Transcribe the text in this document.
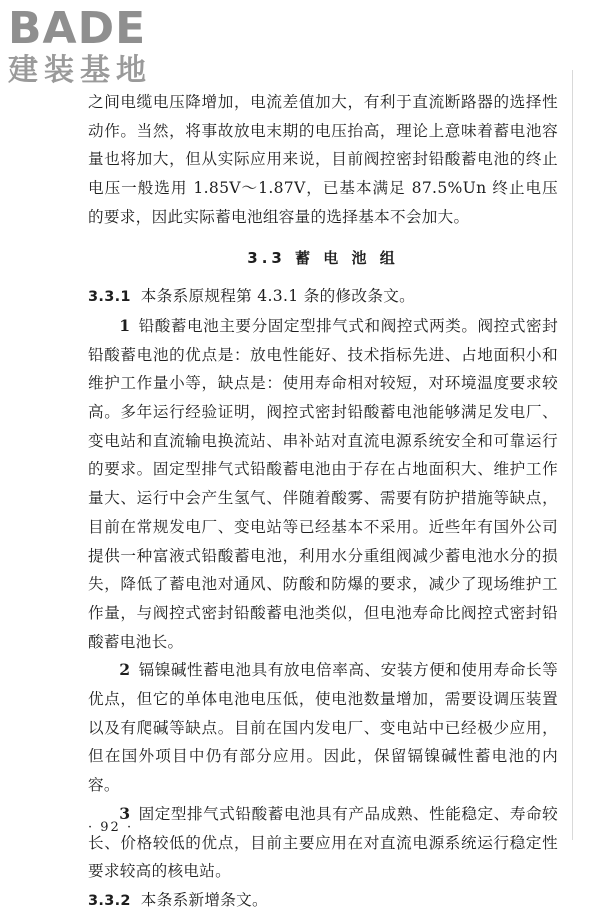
BADE
建装基地

之间电缆电压降增加，电流差值加大，有利于直流断路器的选择性动作。当然，将事故放电末期的电压抬高，理论上意味着蓄电池容量也将加大，但从实际应用来说，目前阀控密封铅酸蓄电池的终止电压一般选用 1.85V～1.87V，已基本满足 87.5%Un 终止电压的要求，因此实际蓄电池组容量的选择基本不会加大。

3.3 蓄 电 池 组

3.3.1 本条系原规程第 4.3.1 条的修改条文。

1 铅酸蓄电池主要分固定型排气式和阀控式两类。阀控式密封铅酸蓄电池的优点是：放电性能好、技术指标先进、占地面积小和维护工作量小等，缺点是：使用寿命相对较短，对环境温度要求较高。多年运行经验证明，阀控式密封铅酸蓄电池能够满足发电厂、变电站和直流输电换流站、串补站对直流电源系统安全和可靠运行的要求。固定型排气式铅酸蓄电池由于存在占地面积大、维护工作量大、运行中会产生氢气、伴随着酸雾、需要有防护措施等缺点，目前在常规发电厂、变电站等已经基本不采用。近些年有国外公司提供一种富液式铅酸蓄电池，利用水分重组阀减少蓄电池水分的损失，降低了蓄电池对通风、防酸和防爆的要求，减少了现场维护工作量，与阀控式密封铅酸蓄电池类似，但电池寿命比阀控式密封铅酸蓄电池长。

2 镉镍碱性蓄电池具有放电倍率高、安装方便和使用寿命长等优点，但它的单体电池电压低，使电池数量增加，需要设调压装置以及有爬碱等缺点。目前在国内发电厂、变电站中已经极少应用，但在国外项目中仍有部分应用。因此，保留镉镍碱性蓄电池的内容。

3 固定型排气式铅酸蓄电池具有产品成熟、性能稳定、寿命较长、价格较低的优点，目前主要应用在对直流电源系统运行稳定性要求较高的核电站。

3.3.2 本条系新增条文。

· 92 ·
